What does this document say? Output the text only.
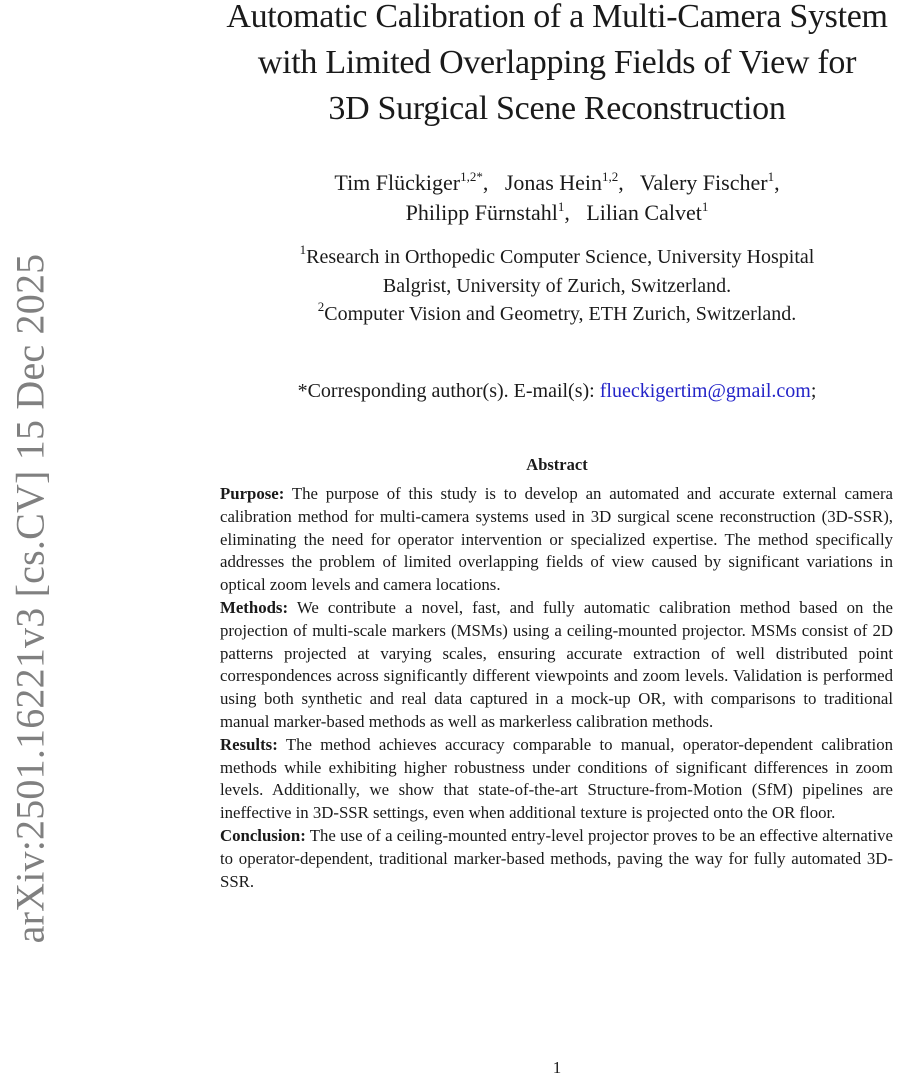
arXiv:2501.16221v3 [cs.CV] 15 Dec 2025
Automatic Calibration of a Multi-Camera System
with Limited Overlapping Fields of View for
3D Surgical Scene Reconstruction
Tim Flückiger$^{1,2*}$,   Jonas Hein$^{1,2}$,   Valery Fischer$^1$,
Philipp Fürnstahl$^1$,   Lilian Calvet$^1$
$^1$Research in Orthopedic Computer Science, University Hospital
Balgrist, University of Zurich, Switzerland.
$^2$Computer Vision and Geometry, ETH Zurich, Switzerland.
*Corresponding author(s). E-mail(s): flueckigertim@gmail.com;
Abstract

Purpose: The purpose of this study is to develop an automated and accurate external camera calibration method for multi-camera systems used in 3D surgical scene reconstruction (3D-SSR), eliminating the need for operator intervention or specialized expertise. The method specifically addresses the problem of limited overlapping fields of view caused by significant variations in optical zoom levels and camera locations.

Methods: We contribute a novel, fast, and fully automatic calibration method based on the projection of multi-scale markers (MSMs) using a ceiling-mounted projector. MSMs consist of 2D patterns projected at varying scales, ensuring accurate extraction of well distributed point correspondences across significantly different viewpoints and zoom levels. Validation is performed using both synthetic and real data captured in a mock-up OR, with comparisons to traditional manual marker-based methods as well as markerless calibration methods.

Results: The method achieves accuracy comparable to manual, operator-dependent calibration methods while exhibiting higher robustness under conditions of significant differences in zoom levels. Additionally, we show that state-of-the-art Structure-from-Motion (SfM) pipelines are ineffective in 3D-SSR settings, even when additional texture is projected onto the OR floor.

Conclusion: The use of a ceiling-mounted entry-level projector proves to be an effective alternative to operator-dependent, traditional marker-based methods, paving the way for fully automated 3D-SSR.

1
